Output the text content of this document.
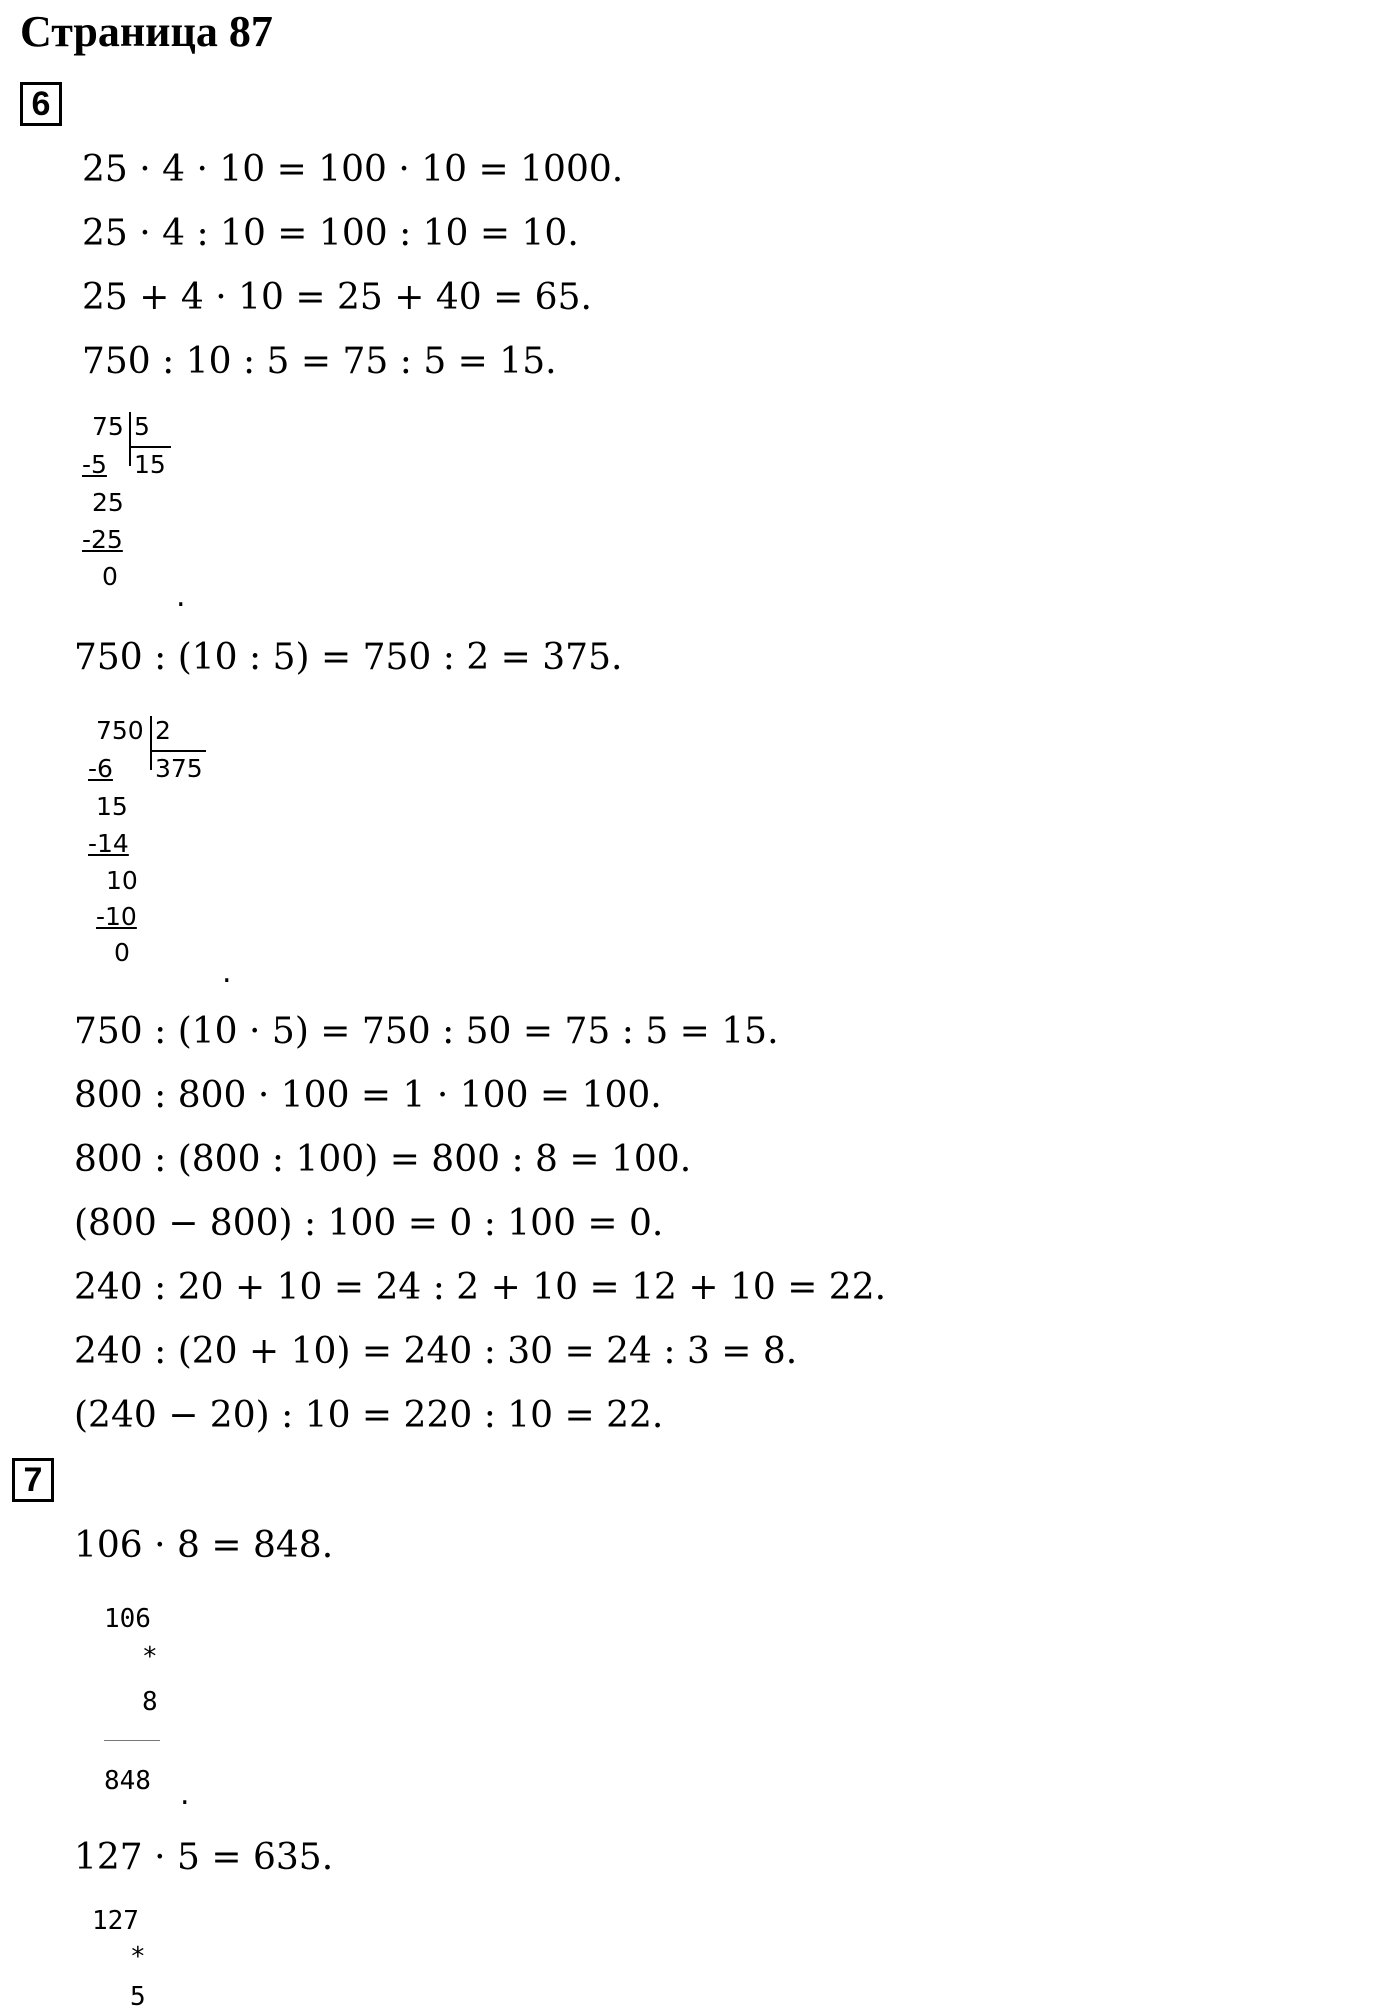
Страница 87
6
25 · 4 · 10 = 100 · 10 = 1000.
25 · 4 : 10 = 100 : 10 = 10.
25 + 4 · 10 = 25 + 40 = 65.
750 : 10 : 5 = 75 : 5 = 15.
75 5
15
-5
25
-25
0
.
750 : (10 : 5) = 750 : 2 = 375.
750 2
375
-6
15
-14
10
-10
0
.
750 : (10 · 5) = 750 : 50 = 75 : 5 = 15.
800 : 800 · 100 = 1 · 100 = 100.
800 : (800 : 100) = 800 : 8 = 100.
(800 − 800) : 100 = 0 : 100 = 0.
240 : 20 + 10 = 24 : 2 + 10 = 12 + 10 = 22.
240 : (20 + 10) = 240 : 30 = 24 : 3 = 8.
(240 − 20) : 10 = 220 : 10 = 22.
7
106 · 8 = 848.
106
*
8
848 .
127 · 5 = 635.
127
*
5
